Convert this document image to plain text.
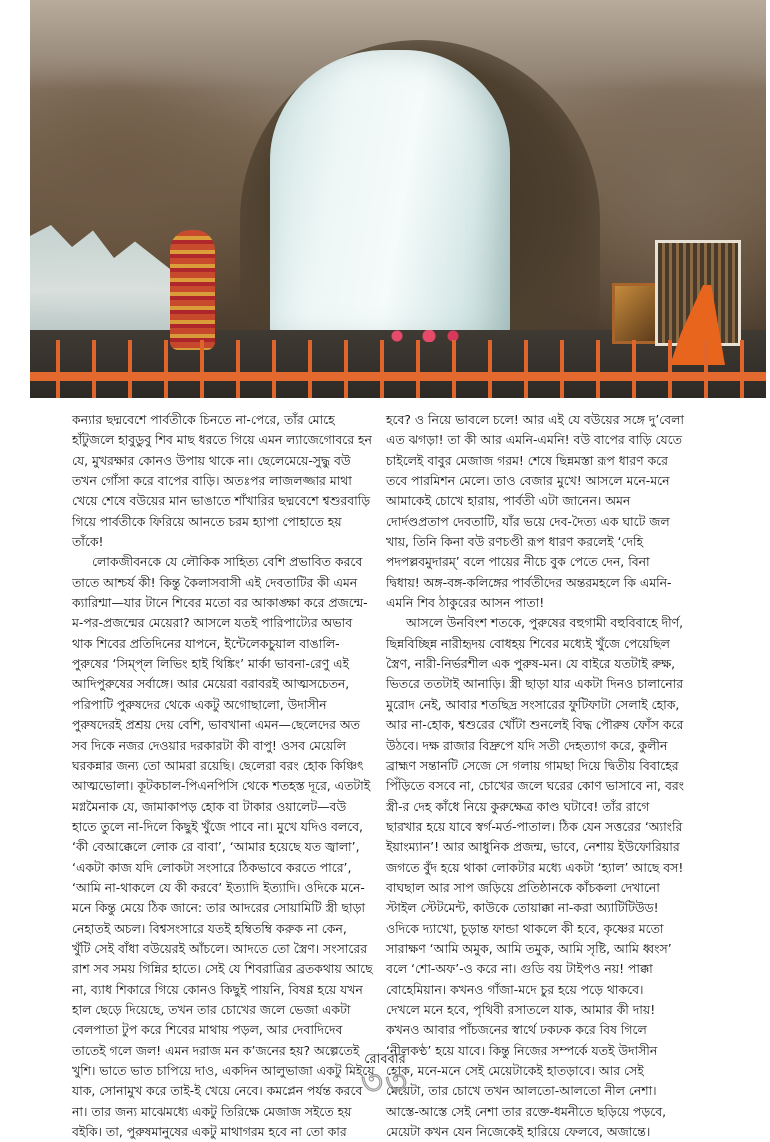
কন্যার ছদ্মবেশে পার্বতীকে চিনতে না-পেরে, তাঁর মোহে
হাঁটুজলে হাবুডুবু শিব মাছ ধরতে গিয়ে এমন ল্যাজেগোবরে হন
যে, মুখরক্ষার কোনও উপায় থাকে না। ছেলেমেয়ে-সুদ্ধু বউ
তখন গোঁসা করে বাপের বাড়ি। অতঃপর লাজলজ্জার মাথা
খেয়ে শেষে বউয়ের মান ভাঙাতে শাঁখারির ছদ্মবেশে শ্বশুরবাড়ি
গিয়ে পার্বতীকে ফিরিয়ে আনতে চরম হ্যাপা পোহাতে হয়
তাঁকে!
লোকজীবনকে যে লৌকিক সাহিত্য বেশি প্রভাবিত করবে
তাতে আশ্চর্য কী! কিন্তু কৈলাসবাসী এই দেবতাটির কী এমন
ক্যারিশ্মা—যার টানে শিবের মতো বর আকাঙ্ক্ষা করে প্রজন্মে-
ম-পর-প্রজন্মের মেয়েরা? আসলে যতই পারিপাট্যের অভাব
থাক শিবের প্রতিদিনের যাপনে, ইন্টেলেকচুয়াল বাঙালি-
পুরুষের ‘সিম্প্‌ল লিভিং হাই থিঙ্কিং’ মার্কা ভাবনা-রেণু এই
আদিপুরুষের সর্বাঙ্গে। আর মেয়েরা বরাবরই আত্মসচেতন,
পরিপাটি পুরুষদের থেকে একটু অগোছালো, উদাসীন
পুরুষদেরই প্রশ্রয় দেয় বেশি, ভাবখানা এমন—ছেলেদের অত
সব দিকে নজর দেওয়ার দরকারটা কী বাপু! ওসব মেয়েলি
ঘরকন্নার জন্য তো আমরা রয়েছি। ছেলেরা বরং হোক কিঞ্চিৎ
আত্মভোলা। কূটকচাল-পিএনপিসি থেকে শতহস্ত দূরে, এতটাই
মগ্নমৈনাক যে, জামাকাপড় হোক বা টাকার ওয়ালেট—বউ
হাতে তুলে না-দিলে কিছুই খুঁজে পাবে না। মুখে যদিও বলবে,
‘কী বেআক্কেলে লোক রে বাবা’, ‘আমার হয়েছে যত জ্বালা’,
‘একটা কাজ যদি লোকটা সংসারে ঠিকভাবে করতে পারে’,
‘আমি না-থাকলে যে কী করবে’ ইত্যাদি ইত্যাদি। ওদিকে মনে-
মনে কিন্তু মেয়ে ঠিক জানে: তার আদরের সোয়ামিটি স্ত্রী ছাড়া
নেহাতই অচল। বিশ্বসংসারে যতই হম্বিতম্বি করুক না কেন,
খুঁটি সেই বাঁধা বউয়েরই আঁচলে। আদতে তো স্ত্রৈণ। সংসারের
রাশ সব সময় গিন্নির হাতে। সেই যে শিবরাত্রির ব্রতকথায় আছে
না, ব্যাধ শিকারে গিয়ে কোনও কিছুই পায়নি, বিষণ্ণ হয়ে যখন
হাল ছেড়ে দিয়েছে, তখন তার চোখের জলে ভেজা একটা
বেলপাতা টুপ করে শিবের মাথায় পড়ল, আর দেবাদিদেব
তাতেই গলে জল! এমন দরাজ মন ক’জনের হয়? অল্পেতেই
খুশি। ভাতে ভাত চাপিয়ে দাও, একদিন আলুভাজা একটু মিইয়ে
যাক, সোনামুখ করে তাই-ই খেয়ে নেবে। কমপ্লেন পর্যন্ত করবে
না। তার জন্য মাঝেমধ্যে একটু তিরিক্ষে মেজাজ সইতে হয়
বইকি। তা, পুরুষমানুষের একটু মাথাগরম হবে না তো কার
হবে? ও নিয়ে ভাবলে চলে! আর এই যে বউয়ের সঙ্গে দু’বেলা
এত ঝগড়া! তা কী আর এমনি-এমনি! বউ বাপের বাড়ি যেতে
চাইলেই বাবুর মেজাজ গরম! শেষে ছিন্নমস্তা রূপ ধারণ করে
তবে পারমিশন মেলে। তাও বেজার মুখে! আসলে মনে-মনে
আমাকেই চোখে হারায়, পার্বতী এটা জানেন। অমন
দোর্দণ্ডপ্রতাপ দেবতাটি, যাঁর ভয়ে দেব-দৈত্য এক ঘাটে জল
খায়, তিনি কিনা বউ রণচণ্ডী রূপ ধারণ করলেই ‘দেহি
পদপল্লবমুদারম্’ বলে পায়ের নীচে বুক পেতে দেন, বিনা
দ্বিধায়! অঙ্গ-বঙ্গ-কলিঙ্গের পার্বতীদের অন্তরমহলে কি এমনি-
এমনি শিব ঠাকুরের আসন পাতা!
আসলে উনবিংশ শতকে, পুরুষের বহুগামী বহুবিবাহে দীর্ণ,
ছিন্নবিচ্ছিন্ন নারীহৃদয় বোধহয় শিবের মধ্যেই খুঁজে পেয়েছিল
স্ত্রৈণ, নারী-নির্ভরশীল এক পুরুষ-মন। যে বাইরে যতটাই রুক্ষ,
ভিতরে ততটাই আনাড়ি। স্ত্রী ছাড়া যার একটা দিনও চালানোর
মুরোদ নেই, আবার শতছিদ্র সংসারের ফুটিফাটা সেলাই হোক,
আর না-হোক, শ্বশুরের খোঁটা শুনলেই বিদ্ধ পৌরুষ ফোঁস করে
উঠবে। দক্ষ রাজার বিদ্রুপে যদি সতী দেহত্যাগ করে, কুলীন
ব্রাহ্মণ সন্তানটি সেজে সে গলায় গামছা দিয়ে দ্বিতীয় বিবাহের
পিঁড়িতে বসবে না, চোখের জলে ঘরের কোণ ভাসাবে না, বরং
স্ত্রী-র দেহ কাঁধে নিয়ে কুরুক্ষেত্র কাণ্ড ঘটাবে! তাঁর রাগে
ছারখার হয়ে যাবে স্বর্গ-মর্ত-পাতাল। ঠিক যেন সত্তরের ‘অ্যাংরি
ইয়াংম্যান’! আর আধুনিক প্রজন্ম, ভাবে, নেশায় ইউফোরিয়ার
জগতে বুঁদ হয়ে থাকা লোকটার মধ্যে একটা ‘হ্যাল’ আছে বস!
বাঘছাল আর সাপ জড়িয়ে প্রতিষ্ঠানকে কাঁচকলা দেখানো
স্টাইল স্টেটমেন্ট, কাউকে তোয়াক্কা না-করা অ্যাটিটিউড!
ওদিকে দ্যাখো, চূড়ান্ত ফান্ডা থাকলে কী হবে, কৃষ্ণের মতো
সারাক্ষণ ‘আমি অমুক, আমি তমুক, আমি সৃষ্টি, আমি ধ্বংস’
বলে ‘শো-অফ’-ও করে না। গুডি বয় টাইপও নয়! পাক্কা
বোহেমিয়ান। কখনও গাঁজা-মদে চুর হয়ে পড়ে থাকবে।
দেখলে মনে হবে, পৃথিবী রসাতলে যাক, আমার কী দায়!
কখনও আবার পাঁচজনের স্বার্থে ঢকঢক করে বিষ গিলে
‘নীলকণ্ঠ’ হয়ে যাবে। কিন্তু নিজের সম্পর্কে যতই উদাসীন
হোক, মনে-মনে সেই মেয়েটাকেই হাতড়াবে। আর সেই
মেয়েটা, তার চোখে তখন আলতো-আলতো নীল নেশা।
আস্তে-আস্তে সেই নেশা তার রক্তে-ধমনীতে ছড়িয়ে পড়বে,
মেয়েটা কখন যেন নিজেকেই হারিয়ে ফেলবে, অজান্তে।
রোববার
৩৩
